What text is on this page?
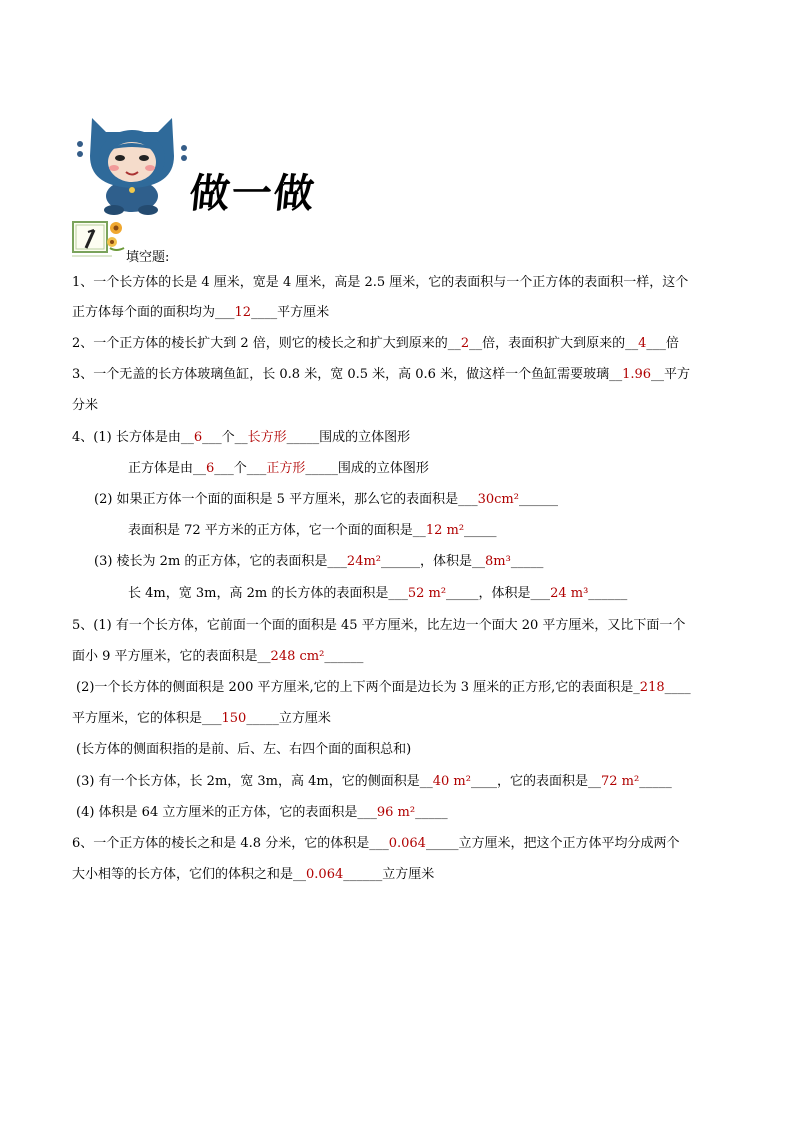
做一做
填空题:
1、一个长方体的长是 4 厘米，宽是 4 厘米，高是 2.5 厘米，它的表面积与一个正方体的表面积一样，这个
正方体每个面的面积均为___12____平方厘米
2、一个正方体的棱长扩大到 2 倍，则它的棱长之和扩大到原来的__2__倍，表面积扩大到原来的__4___倍
3、一个无盖的长方体玻璃鱼缸，长 0.8 米，宽 0.5 米，高 0.6 米，做这样一个鱼缸需要玻璃__1.96__平方
分米
4、(1) 长方体是由__6___个__长方形_____围成的立体图形
正方体是由__6___个___正方形_____围成的立体图形
(2) 如果正方体一个面的面积是 5 平方厘米，那么它的表面积是___30cm²______
表面积是 72 平方米的正方体，它一个面的面积是__12 m²_____
(3) 棱长为 2m 的正方体，它的表面积是___24m²______，体积是__8m³_____
长 4m，宽 3m，高 2m 的长方体的表面积是___52 m²_____，体积是___24 m³______
5、(1) 有一个长方体，它前面一个面的面积是 45 平方厘米，比左边一个面大 20 平方厘米，又比下面一个
面小 9 平方厘米，它的表面积是__248 cm²______
(2)一个长方体的侧面积是 200 平方厘米,它的上下两个面是边长为 3 厘米的正方形,它的表面积是_218____
平方厘米，它的体积是___150_____立方厘米
(长方体的侧面积指的是前、后、左、右四个面的面积总和)
(3) 有一个长方体，长 2m，宽 3m，高 4m，它的侧面积是__40 m²____，它的表面积是__72 m²_____
(4) 体积是 64 立方厘米的正方体，它的表面积是___96 m²_____
6、一个正方体的棱长之和是 4.8 分米，它的体积是___0.064_____立方厘米，把这个正方体平均分成两个
大小相等的长方体，它们的体积之和是__0.064______立方厘米
